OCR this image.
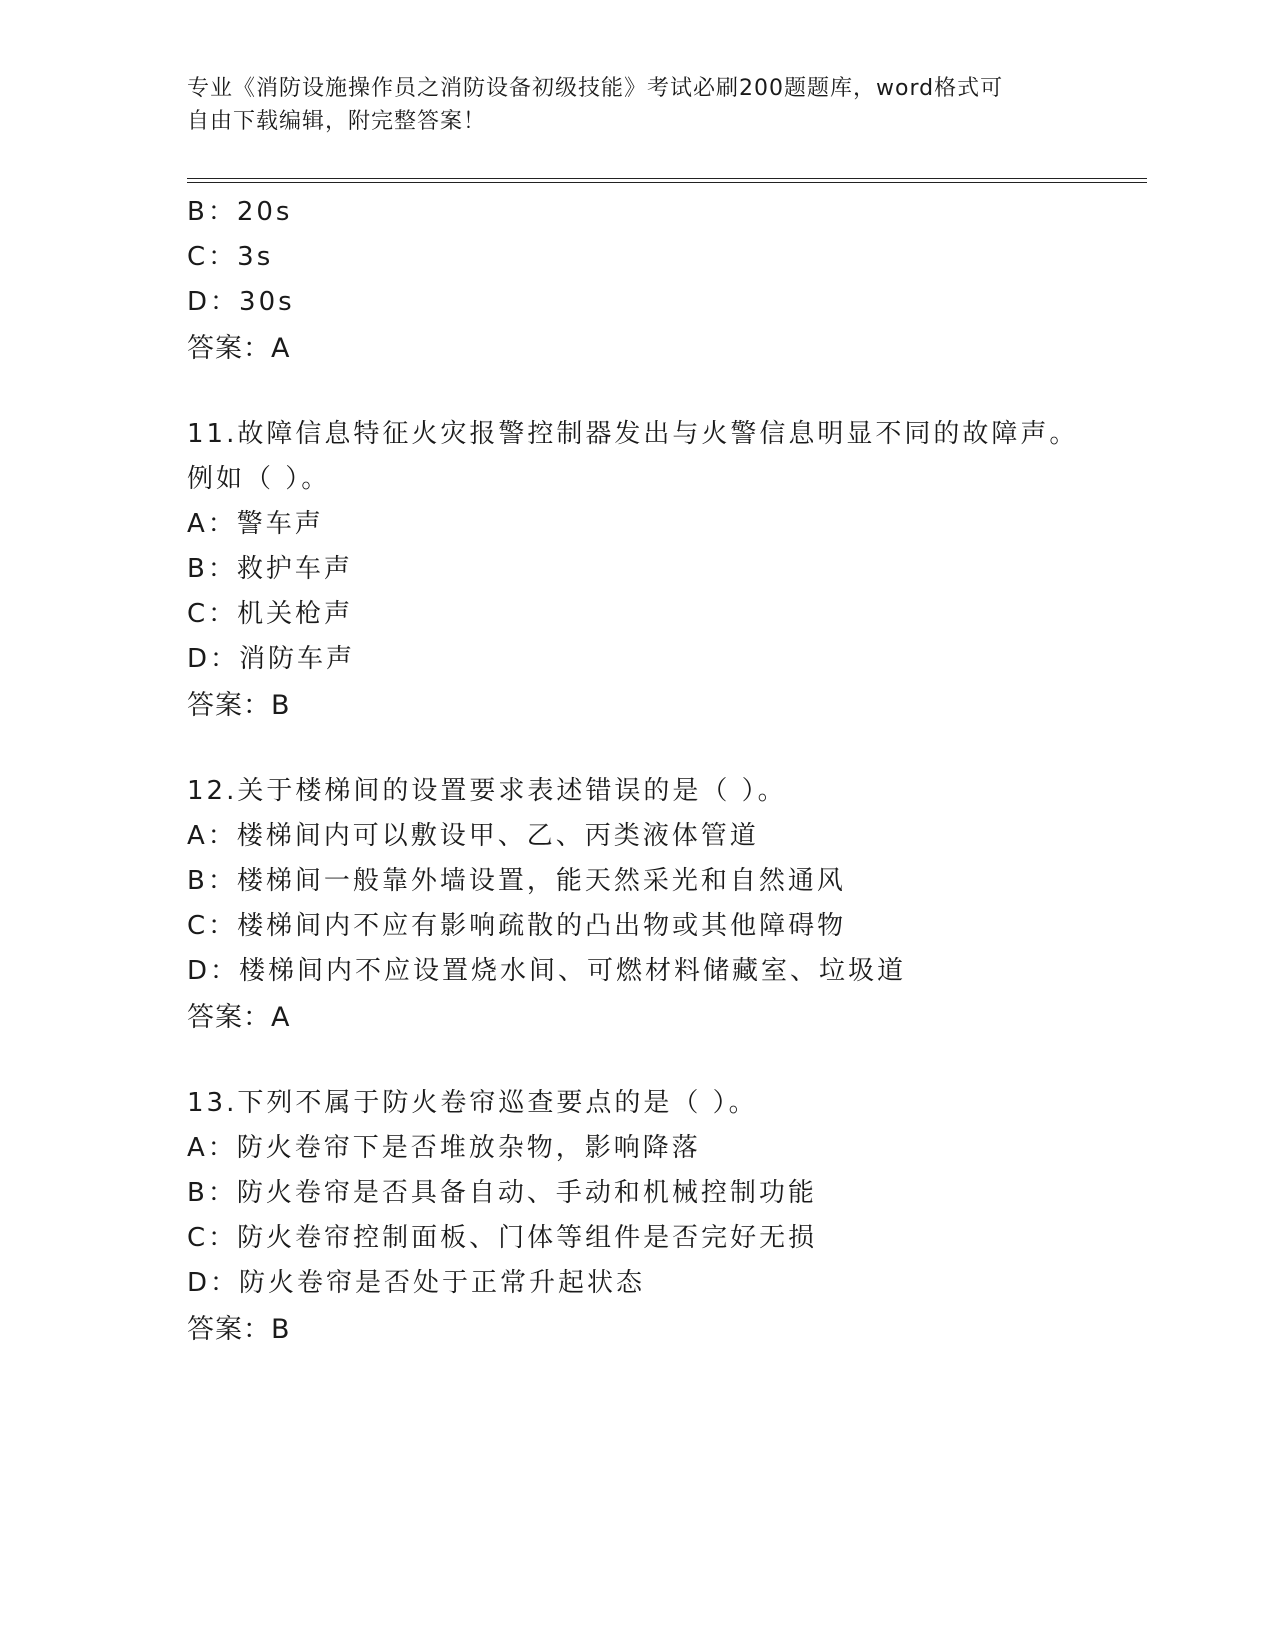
专业《消防设施操作员之消防设备初级技能》考试必刷200题题库，word格式可
自由下载编辑，附完整答案！
B：20s
C：3s
D：30s
答案：A
11.故障信息特征火灾报警控制器发出与火警信息明显不同的故障声。
例如（ ）。
A：警车声
B：救护车声
C：机关枪声
D：消防车声
答案：B
12.关于楼梯间的设置要求表述错误的是（ ）。
A：楼梯间内可以敷设甲、乙、丙类液体管道
B：楼梯间一般靠外墙设置，能天然采光和自然通风
C：楼梯间内不应有影响疏散的凸出物或其他障碍物
D：楼梯间内不应设置烧水间、可燃材料储藏室、垃圾道
答案：A
13.下列不属于防火卷帘巡查要点的是（ ）。
A：防火卷帘下是否堆放杂物，影响降落
B：防火卷帘是否具备自动、手动和机械控制功能
C：防火卷帘控制面板、门体等组件是否完好无损
D：防火卷帘是否处于正常升起状态
答案：B
